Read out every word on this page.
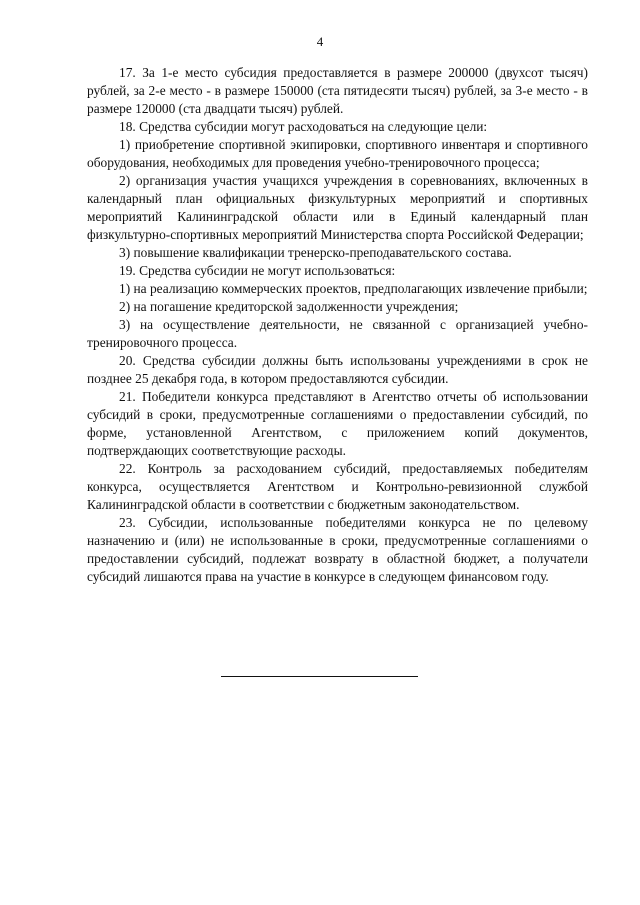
4

17. За 1-е место субсидия предоставляется в размере 200000 (двухсот тысяч) рублей, за 2-е место - в размере 150000 (ста пятидесяти тысяч) рублей, за 3-е место - в размере 120000 (ста двадцати тысяч) рублей.

18. Средства субсидии могут расходоваться на следующие цели:

1) приобретение спортивной экипировки, спортивного инвентаря и спортивного оборудования, необходимых для проведения учебно-тренировочного процесса;

2) организация участия учащихся учреждения в соревнованиях, включенных в календарный план официальных физкультурных мероприятий и спортивных мероприятий Калининградской области или в Единый календарный план физкультурно-спортивных мероприятий Министерства спорта Российской Федерации;

3) повышение квалификации тренерско-преподавательского состава.

19. Средства субсидии не могут использоваться:

1) на реализацию коммерческих проектов, предполагающих извлечение прибыли;

2) на погашение кредиторской задолженности учреждения;

3) на осуществление деятельности, не связанной с организацией учебно-тренировочного процесса.

20. Средства субсидии должны быть использованы учреждениями в срок не позднее 25 декабря года, в котором предоставляются субсидии.

21. Победители конкурса представляют в Агентство отчеты об использовании субсидий в сроки, предусмотренные соглашениями о предоставлении субсидий, по форме, установленной Агентством, с приложением копий документов, подтверждающих соответствующие расходы.

22. Контроль за расходованием субсидий, предоставляемых победителям конкурса, осуществляется Агентством и Контрольно-ревизионной службой Калининградской области в соответствии с бюджетным законодательством.

23. Субсидии, использованные победителями конкурса не по целевому назначению и (или) не использованные в сроки, предусмотренные соглашениями о предоставлении субсидий, подлежат возврату в областной бюджет, а получатели субсидий лишаются права на участие в конкурсе в следующем финансовом году.
